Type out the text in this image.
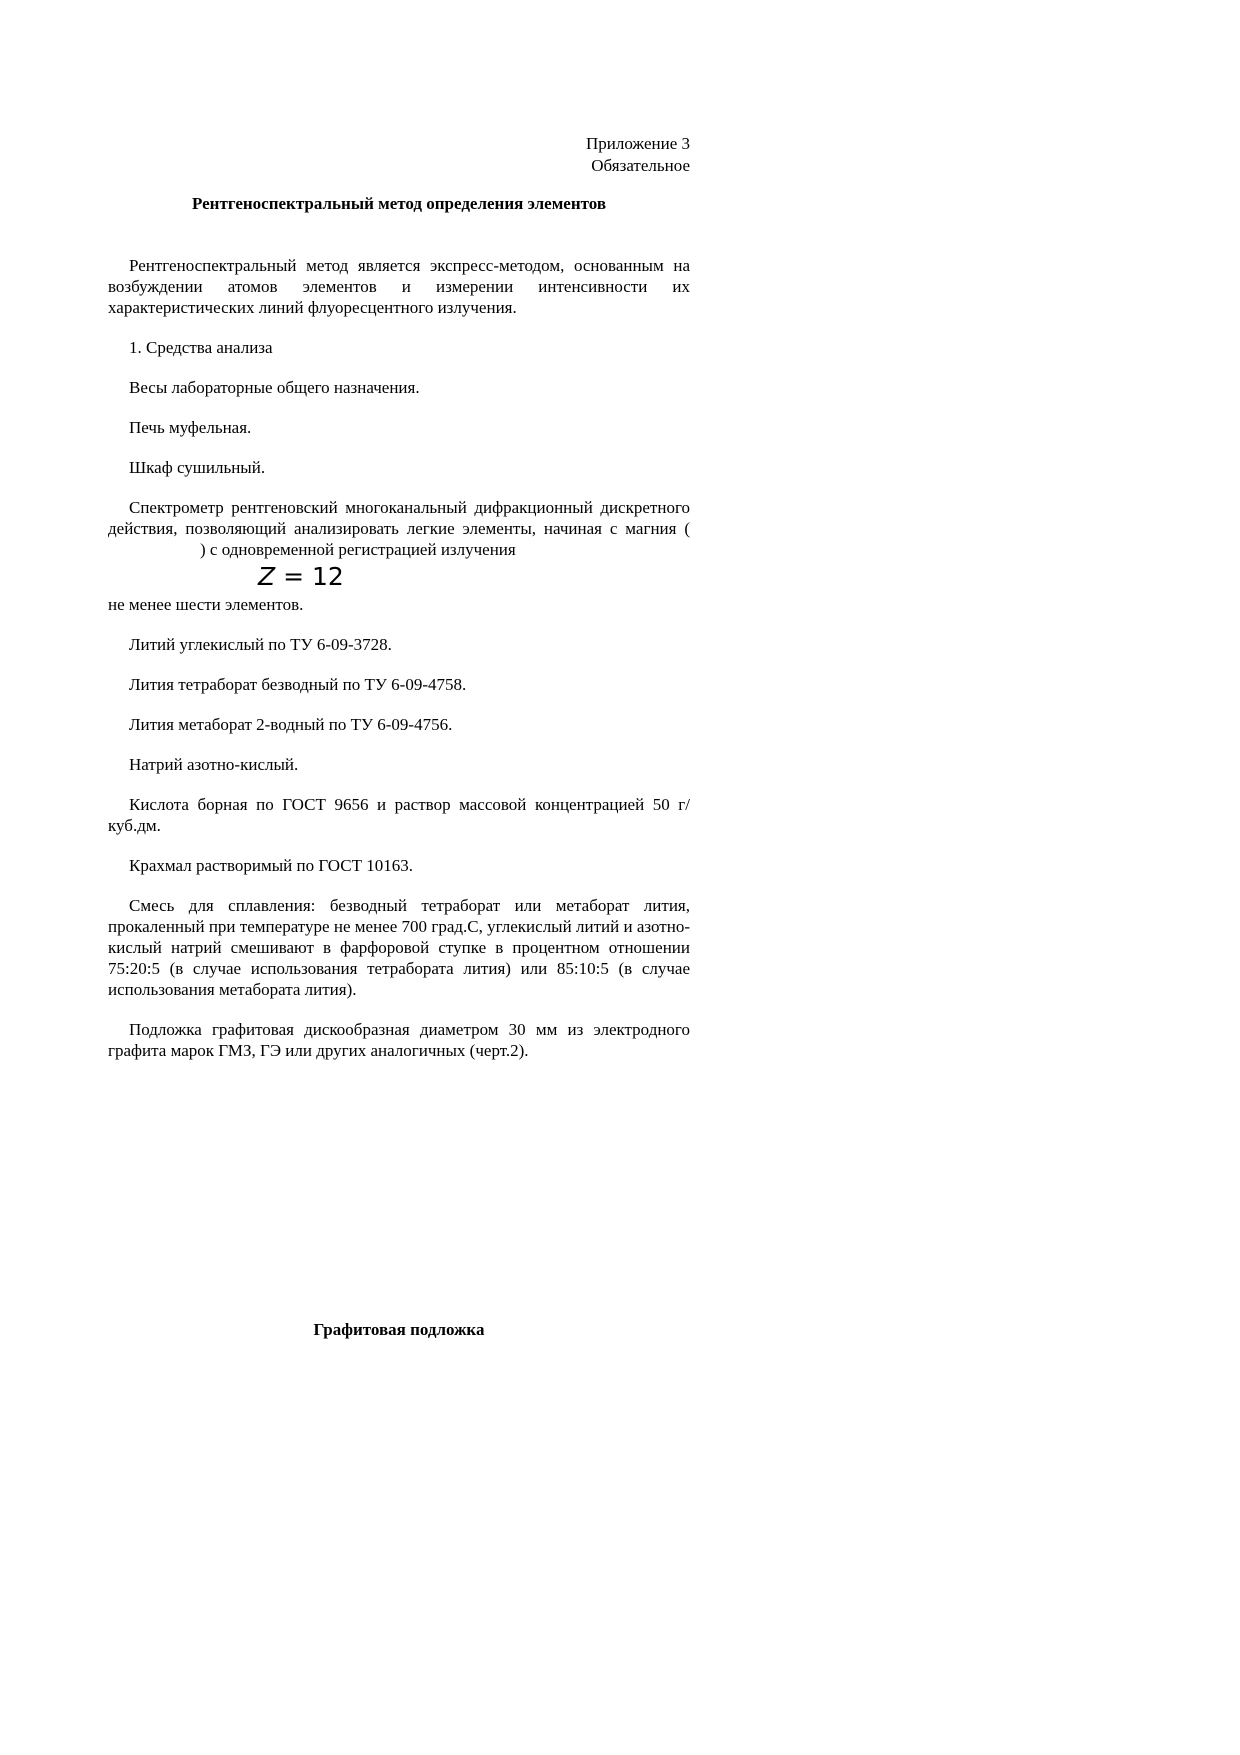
Приложение 3
Обязательное
Рентгеноспектральный метод определения элементов

Рентгеноспектральный метод является экспресс-методом, основанным на возбуждении атомов элементов и измерении интенсивности их характеристических линий флуоресцентного излучения.

1. Средства анализа

Весы лабораторные общего назначения.

Печь муфельная.

Шкаф сушильный.

Спектрометр рентгеновский многоканальный дифракционный дискретного действия, позволяющий анализировать легкие элементы, начиная с магния () с одновременной регистрацией излучения

Z = 12

не менее шести элементов.

Литий углекислый по ТУ 6-09-3728.

Лития тетраборат безводный по ТУ 6-09-4758.

Лития метаборат 2-водный по ТУ 6-09-4756.

Натрий азотно-кислый.

Кислота борная по ГОСТ 9656 и раствор массовой концентрацией 50 г/куб.дм.

Крахмал растворимый по ГОСТ 10163.

Смесь для сплавления: безводный тетраборат или метаборат лития, прокаленный при температуре не менее 700 град.С, углекислый литий и азотно-кислый натрий смешивают в фарфоровой ступке в процентном отношении 75:20:5 (в случае использования тетрабората лития) или 85:10:5 (в случае использования метабората лития).

Подложка графитовая дискообразная диаметром 30 мм из электродного графита марок ГМЗ, ГЭ или других аналогичных (черт.2).

Графитовая подложка
